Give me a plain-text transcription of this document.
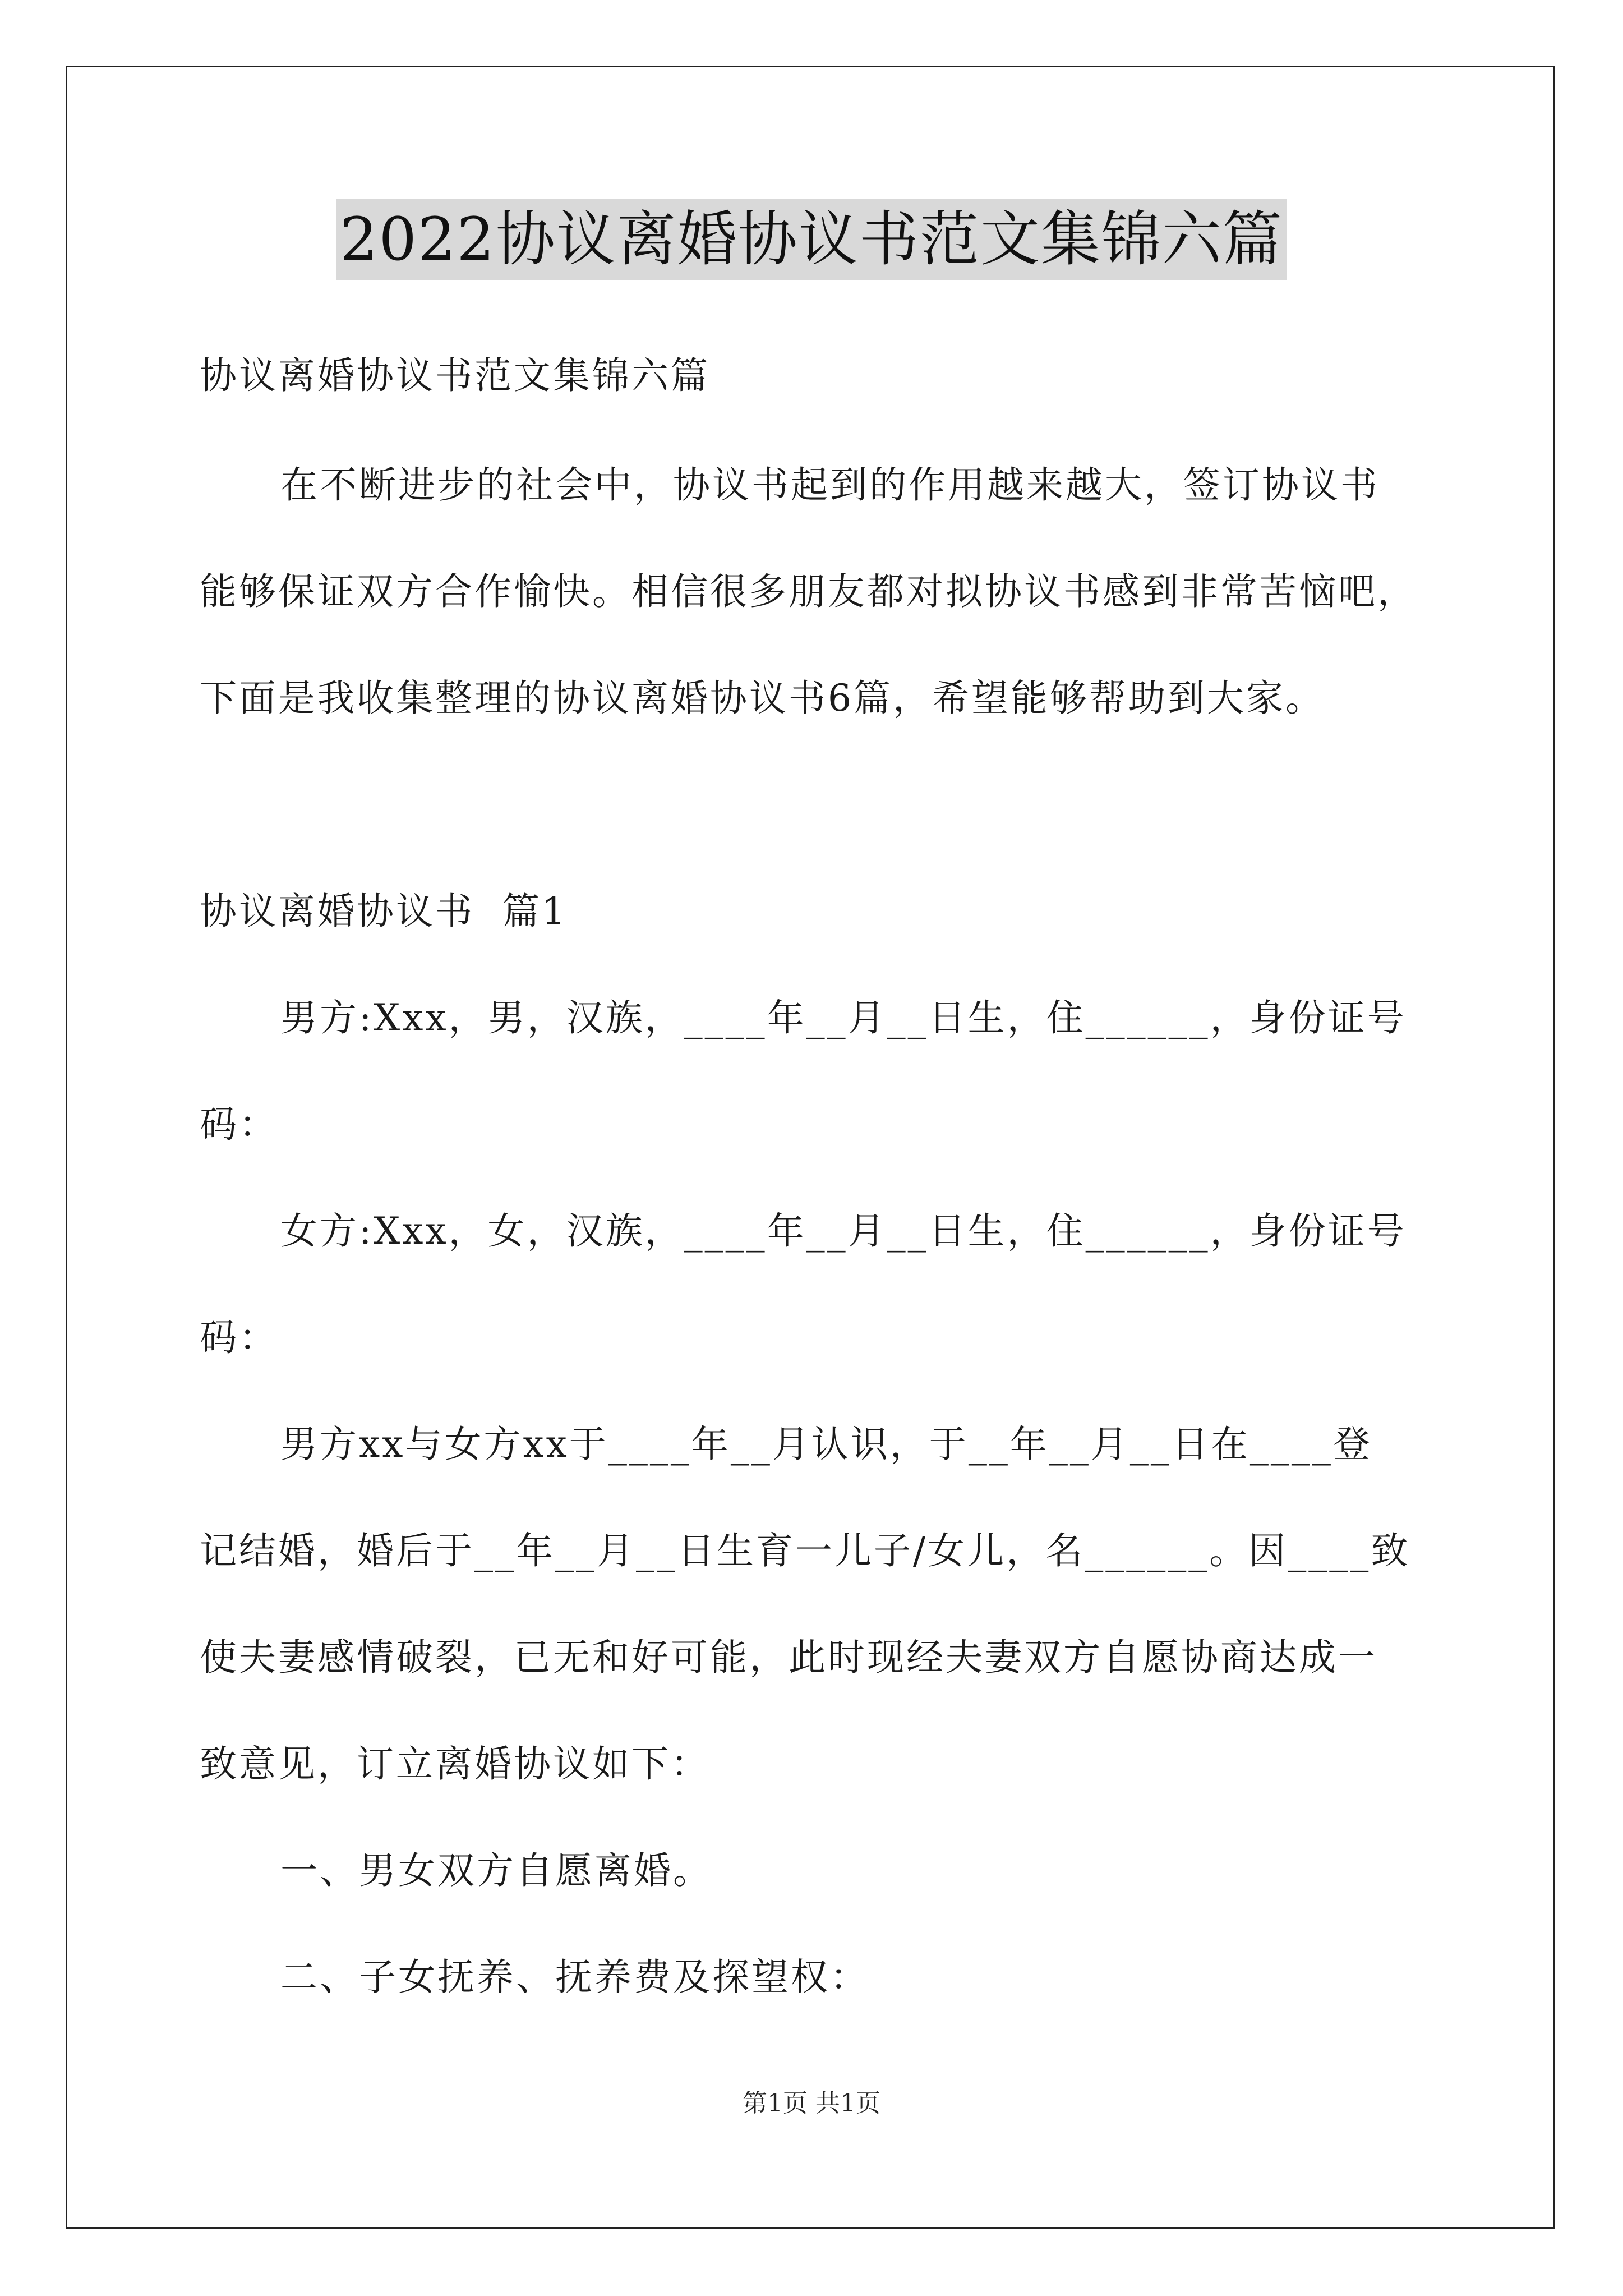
2022协议离婚协议书范文集锦六篇
协议离婚协议书范文集锦六篇
在不断进步的社会中，协议书起到的作用越来越大，签订协议书
能够保证双方合作愉快。相信很多朋友都对拟协议书感到非常苦恼吧，
下面是我收集整理的协议离婚协议书6篇，希望能够帮助到大家。
协议离婚协议书  篇1
男方:Xxx，男，汉族，____年__月__日生，住______，身份证号
码：
女方:Xxx，女，汉族，____年__月__日生，住______，身份证号
码：
男方xx与女方xx于____年__月认识，于__年__月__日在____登
记结婚，婚后于__年__月__日生育一儿子/女儿，名______。因____致
使夫妻感情破裂，已无和好可能，此时现经夫妻双方自愿协商达成一
致意见，订立离婚协议如下：
一、男女双方自愿离婚。
二、子女抚养、抚养费及探望权：
第1页 共1页
